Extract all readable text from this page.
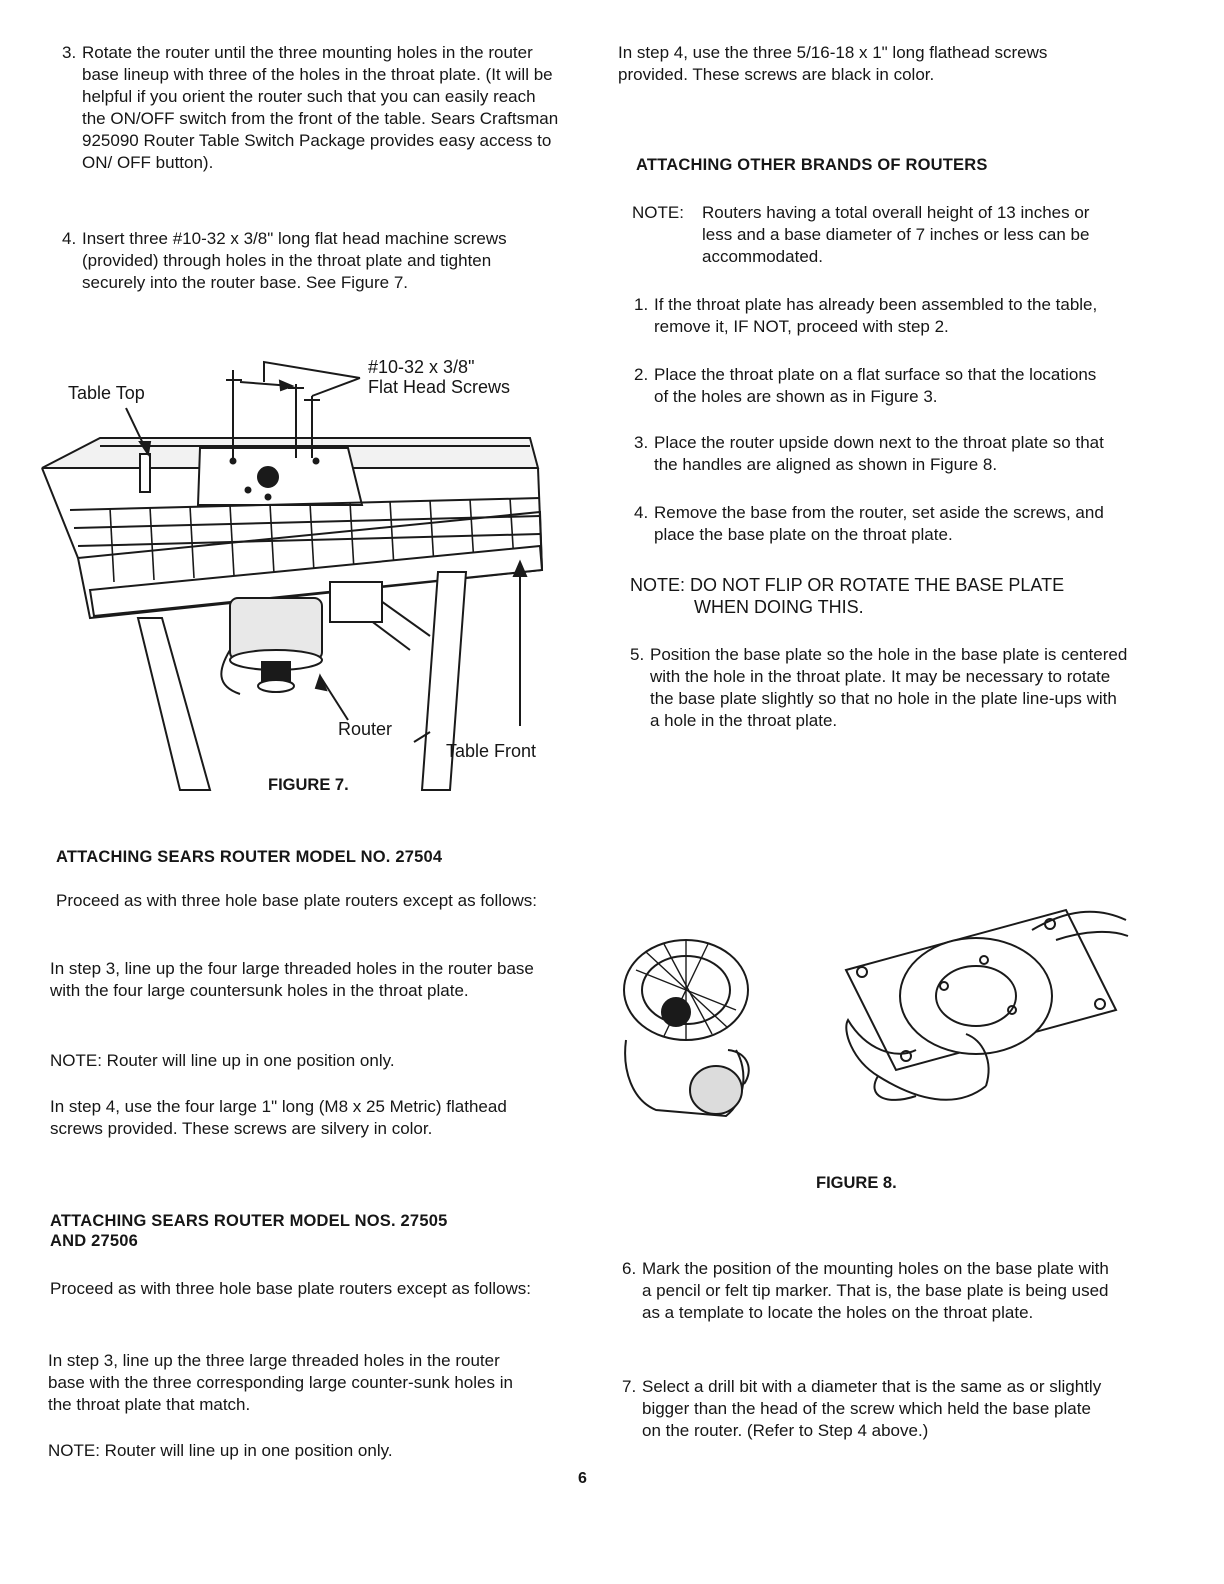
3. Rotate the router until the three mounting holes in the router base lineup with three of the holes in the throat plate. (It will be helpful if you orient the router such that you can easily reach the ON/OFF switch from the front of the table. Sears Craftsman 925090 Router Table Switch Package provides easy access to ON/ OFF button).
4. Insert three #10-32 x 3/8" long flat head machine screws (provided) through holes in the throat plate and tighten securely into the router base. See Figure 7.
#10-32 x 3/8"
Flat Head Screws
Table Top
Router
Table Front
FIGURE 7.
ATTACHING SEARS ROUTER MODEL NO. 27504
Proceed as with three hole base plate routers except as follows:
In step 3, line up the four large threaded holes in the router base with the four large countersunk holes in the throat plate.
NOTE: Router will line up in one position only.
In step 4, use the four large 1" long (M8 x 25 Metric) flathead screws provided. These screws are silvery in color.
ATTACHING SEARS ROUTER MODEL NOS. 27505
AND 27506
Proceed as with three hole base plate routers except as follows:
In step 3, line up the three large threaded holes in the router base with the three corresponding large counter-sunk holes in the throat plate that match.
NOTE: Router will line up in one position only.
In step 4, use the three 5/16-18 x 1" long flathead screws provided. These screws are black in color.
ATTACHING OTHER BRANDS OF ROUTERS
NOTE: Routers having a total overall height of 13 inches or less and a base diameter of 7 inches or less can be accommodated.
1. If the throat plate has already been assembled to the table, remove it, IF NOT, proceed with step 2.
2. Place the throat plate on a flat surface so that the locations of the holes are shown as in Figure 3.
3. Place the router upside down next to the throat plate so that the handles are aligned as shown in Figure 8.
4. Remove the base from the router, set aside the screws, and place the base plate on the throat plate.
NOTE: DO NOT FLIP OR ROTATE THE BASE PLATE
WHEN DOING THIS.
5. Position the base plate so the hole in the base plate is centered with the hole in the throat plate. It may be necessary to rotate the base plate slightly so that no hole in the plate line-ups with a hole in the throat plate.
FIGURE 8.
6. Mark the position of the mounting holes on the base plate with a pencil or felt tip marker. That is, the base plate is being used as a template to locate the holes on the throat plate.
7. Select a drill bit with a diameter that is the same as or slightly bigger than the head of the screw which held the base plate on the router. (Refer to Step 4 above.)
6
